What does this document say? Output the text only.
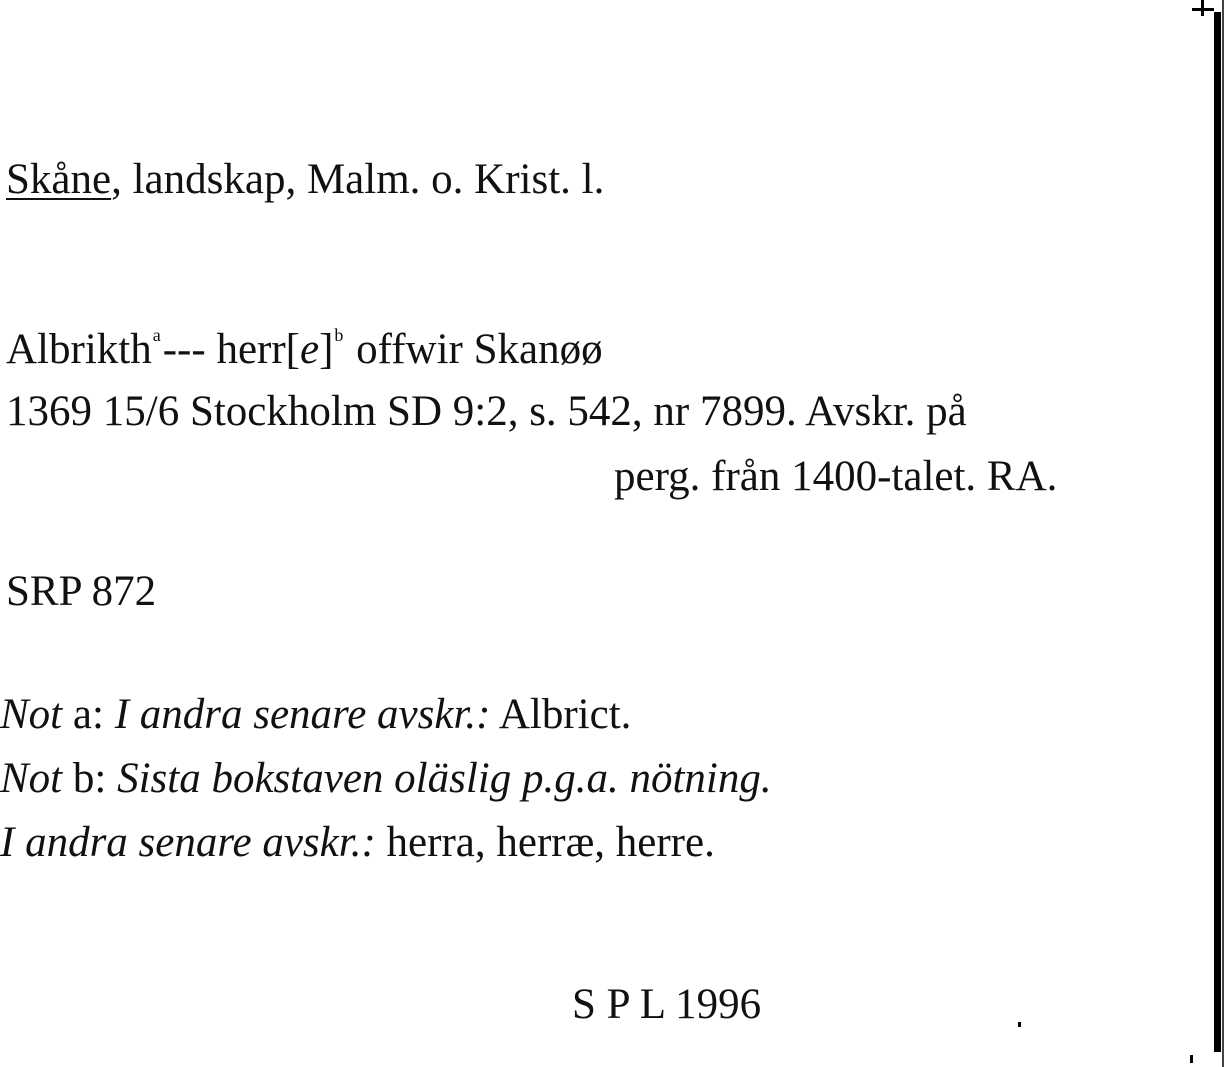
Skåne, landskap, Malm. o. Krist. l.
Albrikth$^a$--- herr[e]$^b$ offwir Skanøø
1369 15/6 Stockholm SD 9:2, s. 542, nr 7899. Avskr. på
perg. från 1400-talet. RA.
SRP 872
Not a: I andra senare avskr.: Albrict.
Not b: Sista bokstaven oläslig p.g.a. nötning.
I andra senare avskr.: herra, herræ, herre.
S P L 1996
